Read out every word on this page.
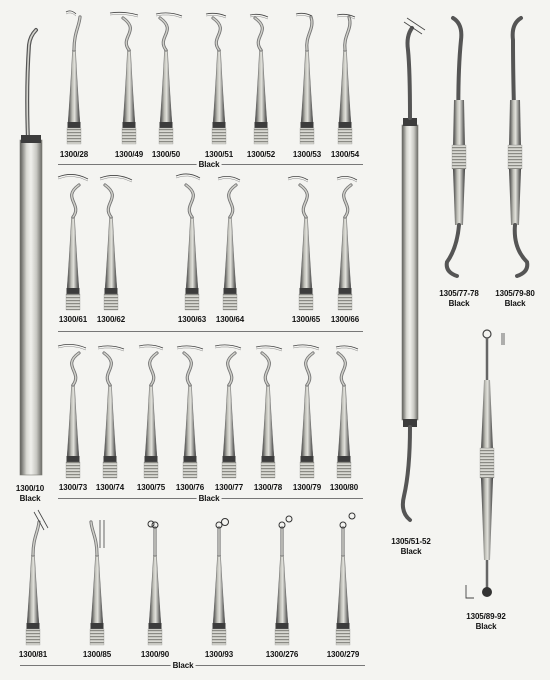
1300/10
Black
1300/28	1300/49 1300/50	1300/51 1300/52 1300/53 1300/54
Black
1300/61 1300/62	1300/63 1300/64	1300/65 1300/66
1300/73 1300/74 1300/75 1300/76 1300/77 1300/78 1300/79 1300/80
Black
1300/81	1300/85	1300/90	1300/93	1300/276	1300/279
Black
1305/51-52
Black
1305/77-78
Black
1305/79-80
Black
1305/89-92
Black
